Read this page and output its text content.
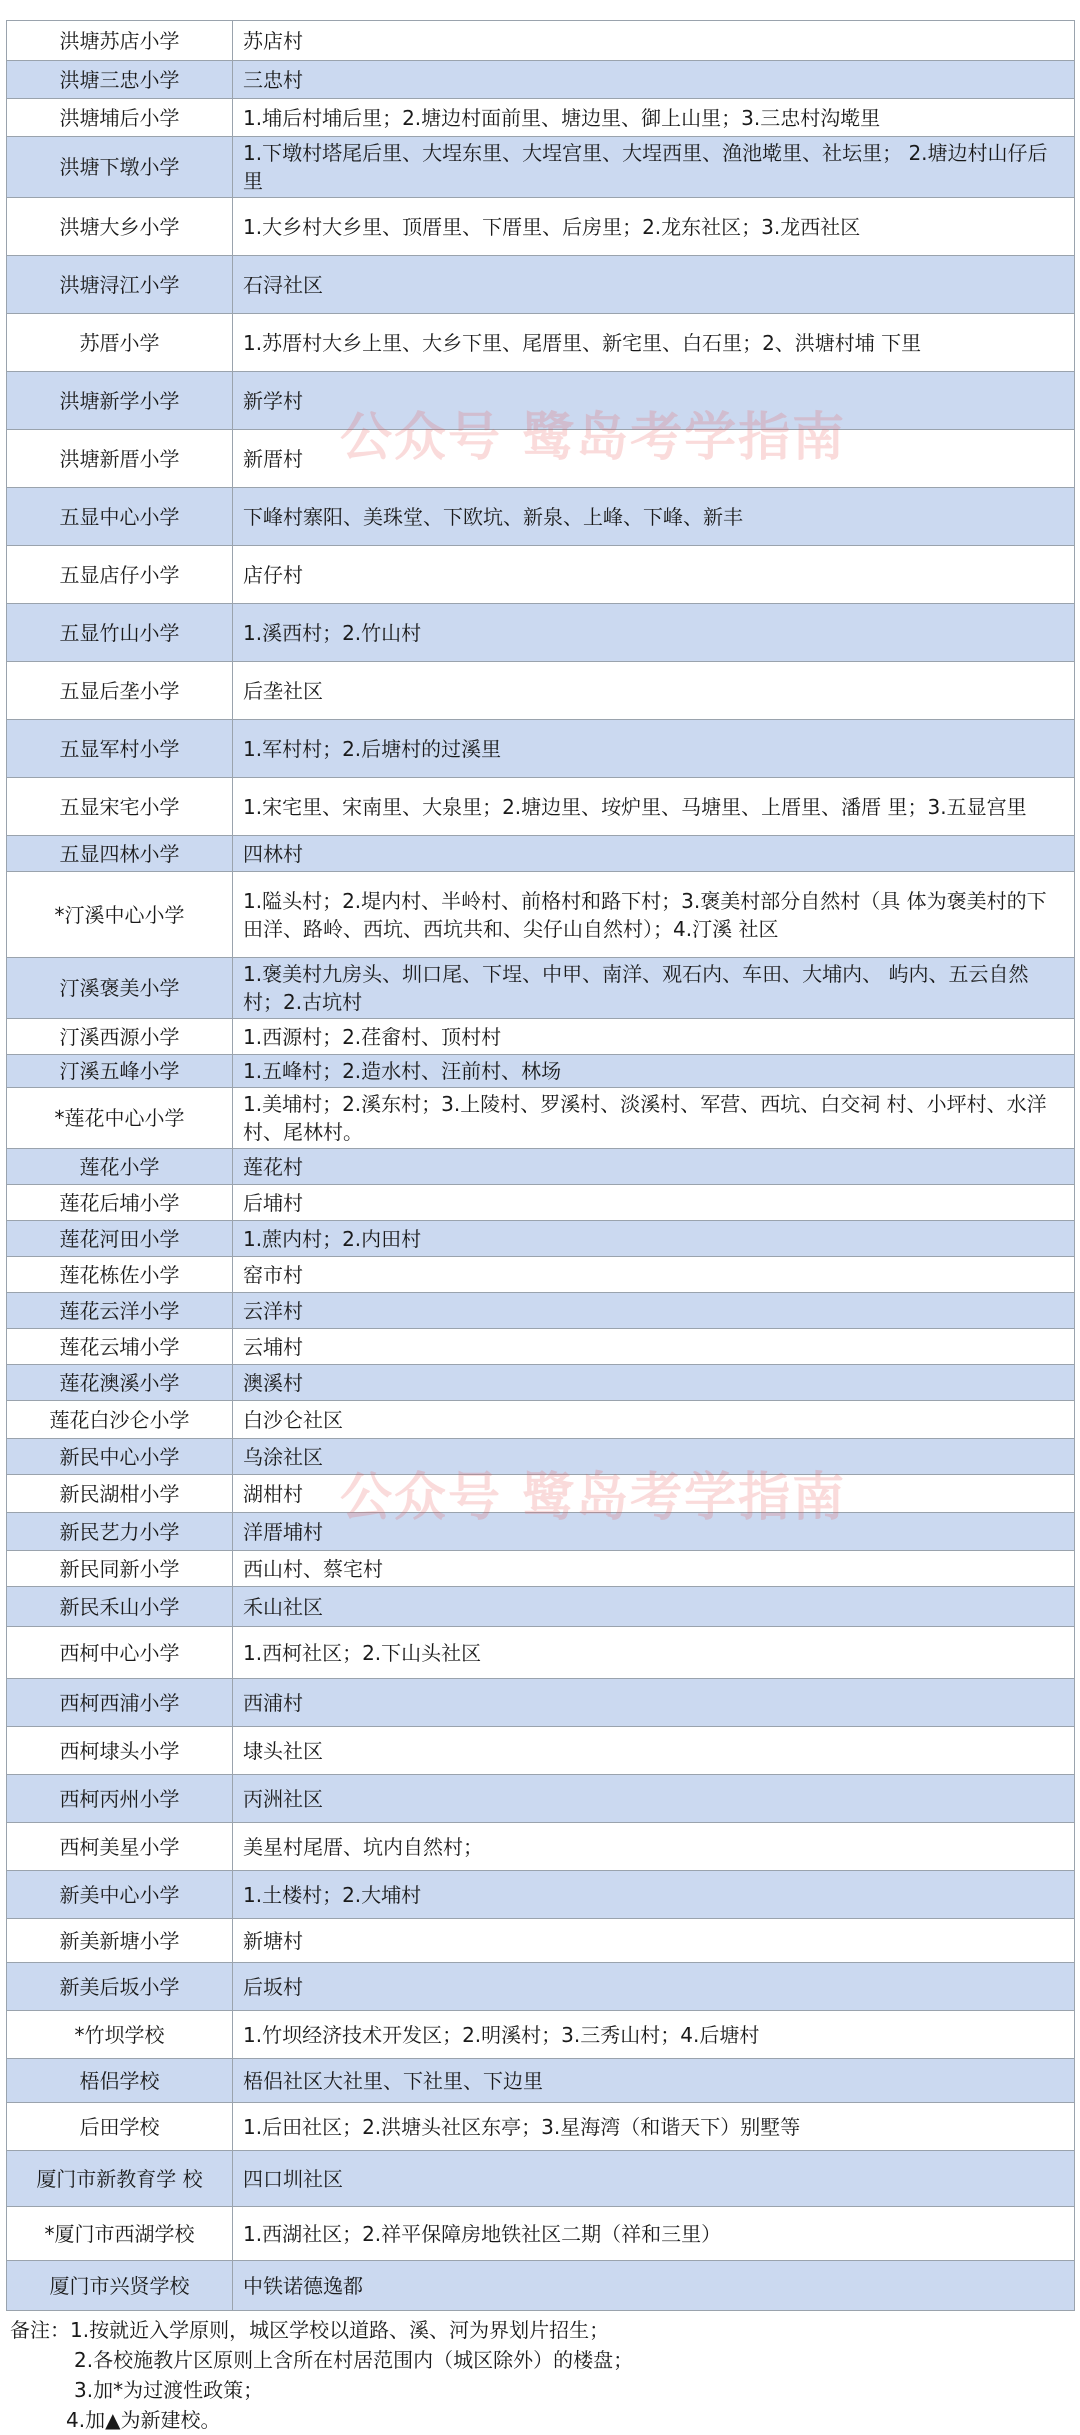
洪塘苏店小学	苏店村
洪塘三忠小学	三忠村
洪塘埔后小学	1.埔后村埔后里；2.塘边村面前里、塘边里、御上山里；3.三忠村沟墘里
洪塘下墩小学	1.下墩村塔尾后里、大埕东里、大埕宫里、大埕西里、渔池墘里、社坛里； 2.塘边村山仔后里
洪塘大乡小学	1.大乡村大乡里、顶厝里、下厝里、后房里；2.龙东社区；3.龙西社区
洪塘浔江小学	石浔社区
苏厝小学	1.苏厝村大乡上里、大乡下里、尾厝里、新宅里、白石里；2、洪塘村埔 下里
洪塘新学小学	新学村
洪塘新厝小学	新厝村
五显中心小学	下峰村寨阳、美珠堂、下欧坑、新泉、上峰、下峰、新丰
五显店仔小学	店仔村
五显竹山小学	1.溪西村；2.竹山村
五显后垄小学	后垄社区
五显军村小学	1.军村村；2.后塘村的过溪里
五显宋宅小学	1.宋宅里、宋南里、大泉里；2.塘边里、垵炉里、马塘里、上厝里、潘厝 里；3.五显宫里
五显四林小学	四林村
*汀溪中心小学	1.隘头村；2.堤内村、半岭村、前格村和路下村；3.褒美村部分自然村（具 体为褒美村的下田洋、路岭、西坑、西坑共和、尖仔山自然村）；4.汀溪 社区
汀溪褒美小学	1.褒美村九房头、圳口尾、下埕、中甲、南洋、观石内、车田、大埔内、 屿内、五云自然村；2.古坑村
汀溪西源小学	1.西源村；2.荏畲村、顶村村
汀溪五峰小学	1.五峰村；2.造水村、汪前村、林场
*莲花中心小学	1.美埔村；2.溪东村；3.上陵村、罗溪村、淡溪村、军营、西坑、白交祠 村、小坪村、水洋村、尾林村。
莲花小学	莲花村
莲花后埔小学	后埔村
莲花河田小学	1.蔗内村；2.内田村
莲花栋佐小学	窑市村
莲花云洋小学	云洋村
莲花云埔小学	云埔村
莲花澳溪小学	澳溪村
莲花白沙仑小学	白沙仑社区
新民中心小学	乌涂社区
新民湖柑小学	湖柑村
新民艺力小学	洋厝埔村
新民同新小学	西山村、蔡宅村
新民禾山小学	禾山社区
西柯中心小学	1.西柯社区；2.下山头社区
西柯西浦小学	西浦村
西柯埭头小学	埭头社区
西柯丙州小学	丙洲社区
西柯美星小学	美星村尾厝、坑内自然村；
新美中心小学	1.土楼村；2.大埔村
新美新塘小学	新塘村
新美后坂小学	后坂村
*竹坝学校	1.竹坝经济技术开发区；2.明溪村；3.三秀山村；4.后塘村
梧侣学校	梧侣社区大社里、下社里、下边里
后田学校	1.后田社区；2.洪塘头社区东亭；3.星海湾（和谐天下）别墅等
厦门市新教育学 校	四口圳社区
*厦门市西湖学校	1.西湖社区；2.祥平保障房地铁社区二期（祥和三里）
厦门市兴贤学校	中铁诺德逸都
备注：1.按就近入学原则，城区学校以道路、溪、河为界划片招生；
2.各校施教片区原则上含所在村居范围内（城区除外）的楼盘；
3.加*为过渡性政策；
4.加▲为新建校。
公众号 鹭岛考学指南
公众号 鹭岛考学指南
